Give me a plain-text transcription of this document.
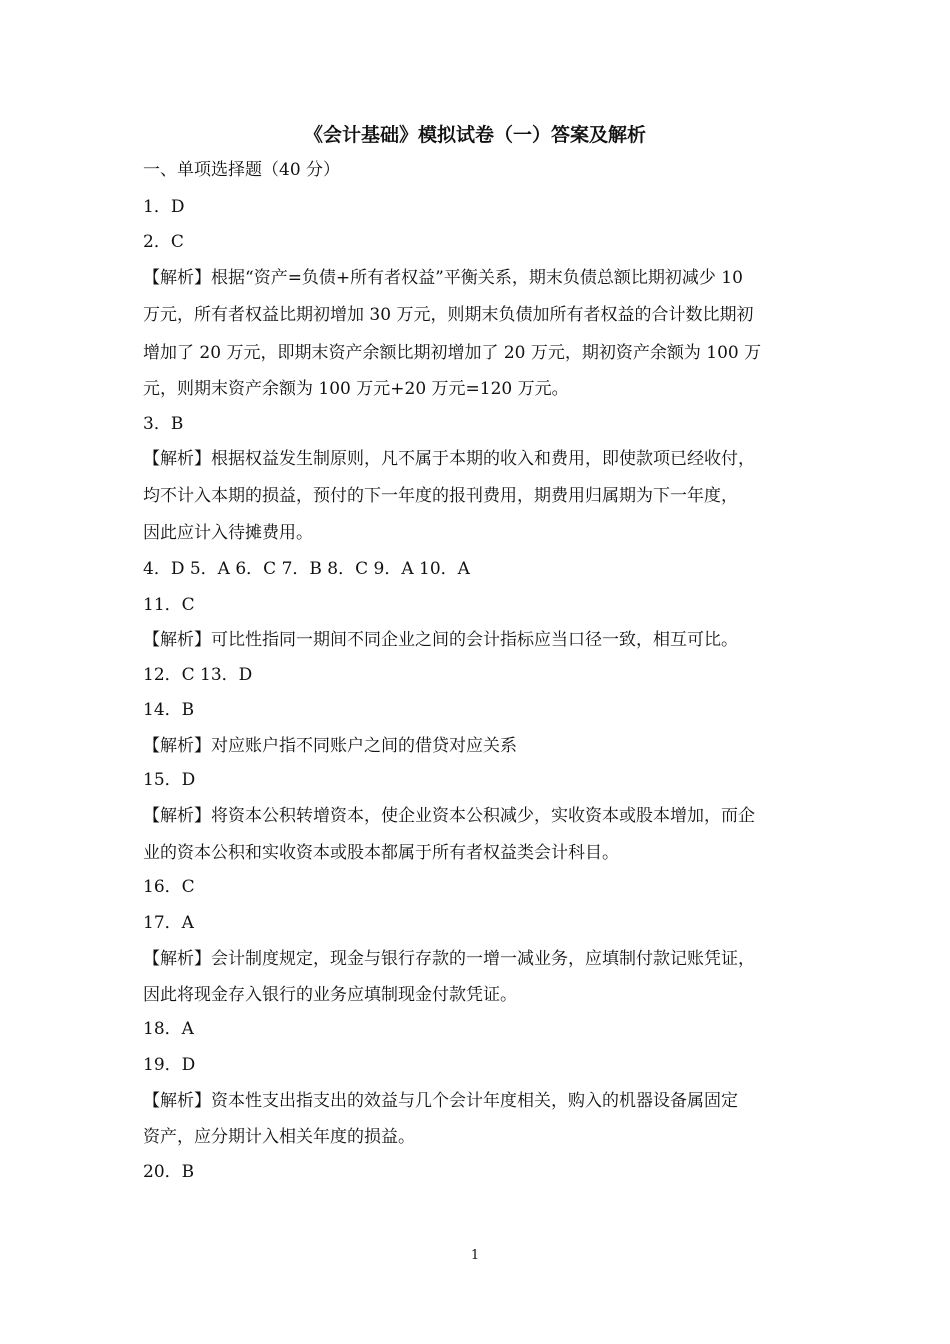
《会计基础》模拟试卷（一）答案及解析
一、单项选择题（40 分）
1．D
2．C
【解析】根据“资产=负债+所有者权益”平衡关系，期末负债总额比期初减少 10
万元，所有者权益比期初增加 30 万元，则期末负债加所有者权益的合计数比期初
增加了 20 万元，即期末资产余额比期初增加了 20 万元，期初资产余额为 100 万
元，则期末资产余额为 100 万元+20 万元=120 万元。
3．B
【解析】根据权益发生制原则，凡不属于本期的收入和费用，即使款项已经收付，
均不计入本期的损益，预付的下一年度的报刊费用，期费用归属期为下一年度，
因此应计入待摊费用。
4．D 5．A 6．C 7．B 8．C 9．A 10．A
11．C
【解析】可比性指同一期间不同企业之间的会计指标应当口径一致，相互可比。
12．C 13．D
14．B
【解析】对应账户指不同账户之间的借贷对应关系
15．D
【解析】将资本公积转增资本，使企业资本公积减少，实收资本或股本增加，而企
业的资本公积和实收资本或股本都属于所有者权益类会计科目。
16．C
17．A
【解析】会计制度规定，现金与银行存款的一增一减业务，应填制付款记账凭证，
因此将现金存入银行的业务应填制现金付款凭证。
18．A
19．D
【解析】资本性支出指支出的效益与几个会计年度相关，购入的机器设备属固定
资产，应分期计入相关年度的损益。
20．B
1
